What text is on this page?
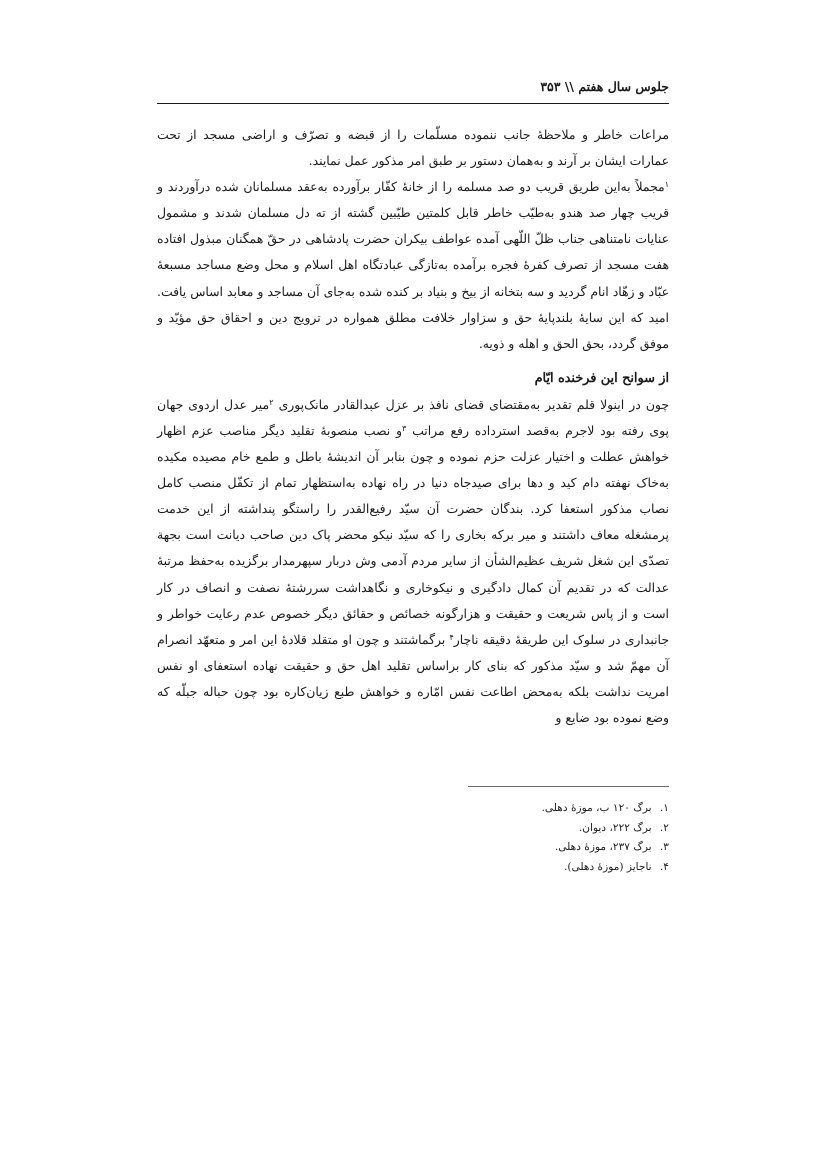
جلوس سال هفتم \\ ۳۵۳

مراعات خاطر و ملاحظهٔ جانب ننموده مسلّمات را از قبضه و تصرّف و اراضی مسجد از تحت عمارات ایشان بر آرند و به‌همان دستور بر طبق امر مذکور عمل نمایند.

$^۱$مجملاً به‌این طریق قریب دو صد مسلمه را از خانهٔ کفّار برآورده به‌عقد مسلمانان شده درآوردند و قریب چهار صد هندو به‌طیّب خاطر قابل کلمتین طیّبین گشته از ته دل مسلمان شدند و مشمول عنایات نامتناهی جناب ظلّ اللّهی آمده عواطف بیکران حضرت پادشاهی در حقّ همگنان مبذول افتاده هفت مسجد از تصرف کفرهٔ فجره برآمده به‌تازگی عبادتگاه اهل اسلام و محل وضع مساجد مسبعهٔ عبّاد و زهّاد انام گردید و سه بتخانه از بیخ و بنیاد بر کنده شده به‌جای آن مساجد و معابد اساس یافت. امید که این سایهٔ بلندپایهٔ حق و سزاوار خلافت مطلق همواره در ترویج دین و احقاق حق مؤیّد و موفق گردد، بحق الحق و اهله و ذویه.

از سوانح این فرخنده ایّام

چون در اینولا قلم تقدیر به‌مقتضای قضای نافذ بر عزل عبدالقادر مانک‌پوری $^۲$میر عدل اردوی جهان پوی رفته بود لاجرم به‌قصد استرداده رفع مراتب $^۳$و نصب منصوبهٔ تقلید دیگر مناصب عزم اظهار خواهش عطلت و اختیار عزلت حزم نموده و چون بنابر آن اندیشهٔ باطل و طمع خام مصیده مکیده به‌خاک نهفته دام کید و دها برای صیدجاه دنیا در راه نهاده به‌استظهار تمام از تکفّل منصب کامل نصاب مذکور استعفا کرد. بندگان حضرت آن سیّد رفیع‌القدر را راستگو پنداشته از این خدمت پرمشغله معاف داشتند و میر برکه بخاری را که سیّد نیکو محضر پاک دین صاحب دیانت است بجهة تصدّی این شغل شریف عظیم‌الشأن از سایر مردم آدمی وش دربار سپهرمدار برگزیده به‌حفظ مرتبهٔ عدالت که در تقدیم آن کمال دادگیری و نیکوخاری و نگاهداشت سررشتهٔ نصفت و انصاف در کار است و از پاس شریعت و حقیقت و هزارگونه خصائص و حقائق دیگر خصوص عدم رعایت خواطر و جانبداری در سلوک این طریقهٔ دقیقه ناچار$^۴$ برگماشتند و چون او متقلد قلادهٔ این امر و متعهّد انصرام آن مهمّ شد و سیّد مذکور که بنای کار براساس تقلید اهل حق و حقیقت نهاده استعفای او نفس امریت نداشت بلکه به‌محض اطاعت نفس امّاره و خواهش طبع زیان‌کاره بود چون حباله جبلّه که وضع نموده بود ضایع و

۱. برگ ۱۲۰ ب، موزهٔ دهلی.
۲. برگ ۲۲۲، دیوان.
۳. برگ ۲۳۷، موزهٔ دهلی.
۴. ناجایز (موزهٔ دهلی).
